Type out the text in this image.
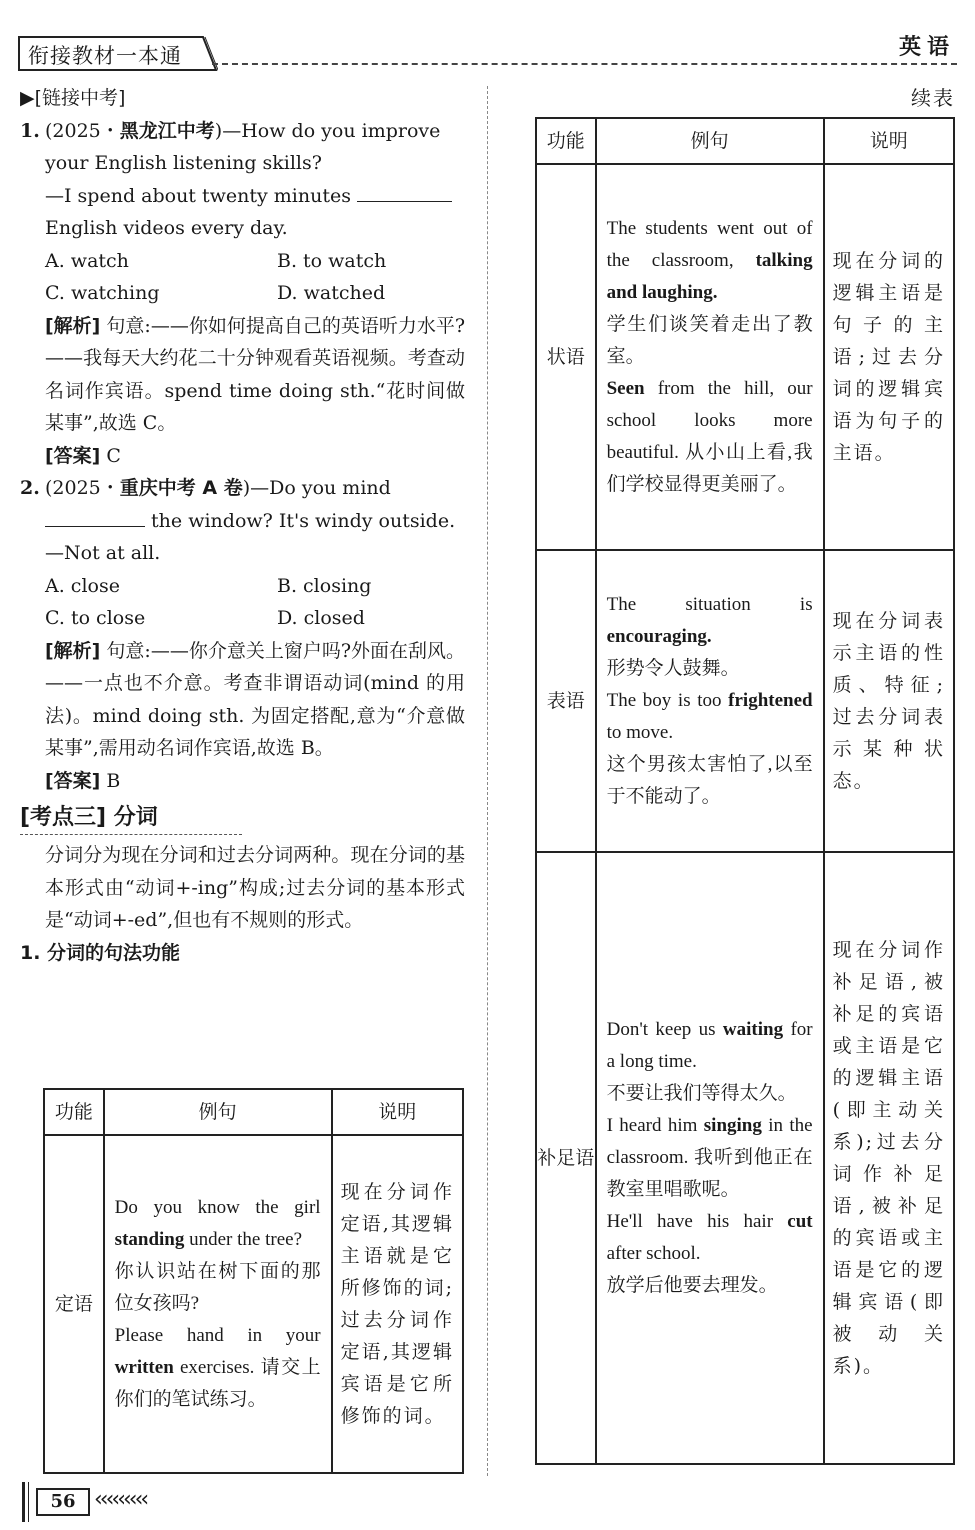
衔接教材一本通	英语
▶[链接中考]
1. (2025・黑龙江中考)—How do you improve your English listening skills?
—I spend about twenty minutes  English videos every day.
A. watch	B. to watch
C. watching	D. watched
[解析] 句意:——你如何提高自己的英语听力水平?——我每天大约花二十分钟观看英语视频。考查动名词作宾语。spend time doing sth.“花时间做某事”,故选 C。
[答案] C
2. (2025・重庆中考 A 卷)—Do you mind
the window? It's windy outside.
—Not at all.
A. close	B. closing
C. to close	D. closed
[解析] 句意:——你介意关上窗户吗?外面在刮风。——一点也不介意。考查非谓语动词(mind 的用法)。mind doing sth. 为固定搭配,意为“介意做某事”,需用动名词作宾语,故选 B。
[答案] B
[考点三] 分词
分词分为现在分词和过去分词两种。现在分词的基本形式由“动词+-ing”构成;过去分词的基本形式是“动词+-ed”,但也有不规则的形式。
1. 分词的句法功能
功能	例句	说明
定语	Do you know the girl standing under the tree?
你认识站在树下面的那位女孩吗?
Please hand in your written exercises. 请交上你们的笔试练习。	现在分词作定语,其逻辑主语就是它所修饰的词;过去分词作定语,其逻辑宾语是它所修饰的词。
续表
功能	例句	说明
状语	The students went out of the classroom, talking and laughing.
学生们谈笑着走出了教室。
Seen from the hill, our school looks more beautiful. 从小山上看,我们学校显得更美丽了。	现在分词的逻辑主语是句子的主语;过去分词的逻辑宾语为句子的主语。
表语	The situation is encouraging.
形势令人鼓舞。
The boy is too frightened to move.
这个男孩太害怕了,以至于不能动了。	现在分词表示主语的性质、特征;过去分词表示某种状态。
补足语	Don't keep us waiting for a long time.
不要让我们等得太久。
I heard him singing in the classroom. 我听到他正在教室里唱歌呢。
He'll have his hair cut after school.
放学后他要去理发。	现在分词作补足语,被补足的宾语或主语是它的逻辑主语(即主动关系);过去分词作补足语,被补足的宾语或主语是它的逻辑宾语(即被动关系)。
56 ‹‹‹‹‹‹‹‹‹
